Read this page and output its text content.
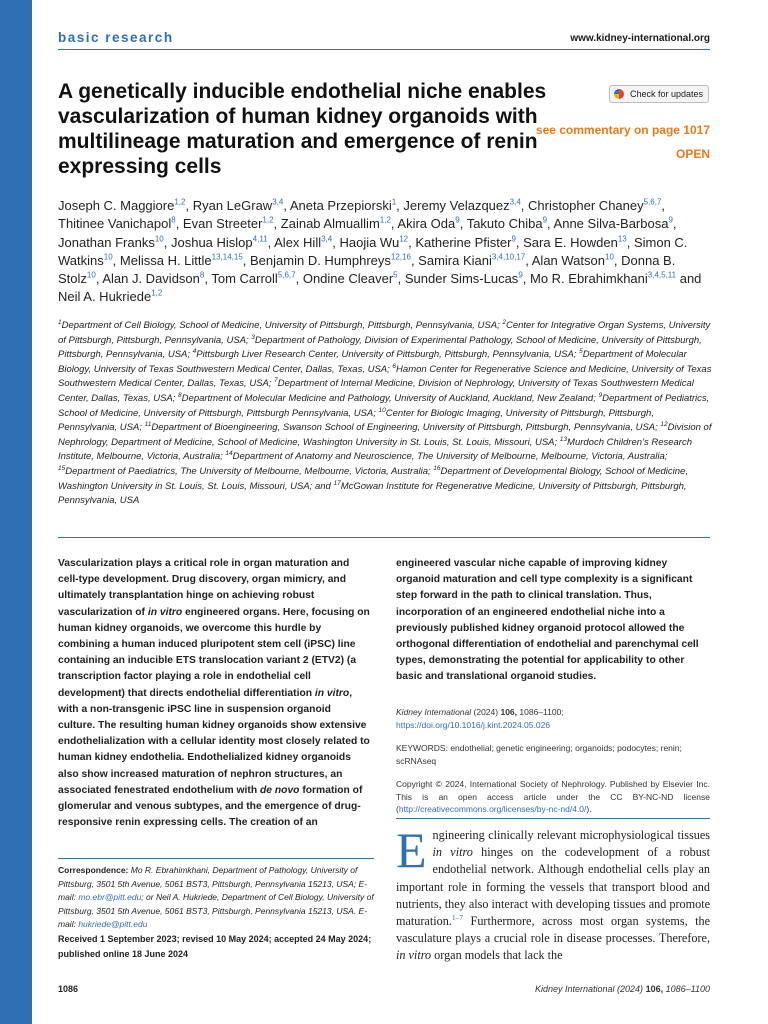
basic research	www.kidney-international.org
A genetically inducible endothelial niche enables vascularization of human kidney organoids with multilineage maturation and emergence of renin expressing cells
Check for updates
see commentary on page 1017
OPEN

Joseph C. Maggiore$^{1,2}$, Ryan LeGraw$^{3,4}$, Aneta Przepiorski$^1$, Jeremy Velazquez$^{3,4}$, Christopher Chaney$^{5,6,7}$, Thitinee Vanichapol$^8$, Evan Streeter$^{1,2}$, Zainab Almuallim$^{1,2}$, Akira Oda$^9$, Takuto Chiba$^9$, Anne Silva-Barbosa$^9$, Jonathan Franks$^{10}$, Joshua Hislop$^{4,11}$, Alex Hill$^{3,4}$, Haojia Wu$^{12}$, Katherine Pfister$^9$, Sara E. Howden$^{13}$, Simon C. Watkins$^{10}$, Melissa H. Little$^{13,14,15}$, Benjamin D. Humphreys$^{12,16}$, Samira Kiani$^{3,4,10,17}$, Alan Watson$^{10}$, Donna B. Stolz$^{10}$, Alan J. Davidson$^8$, Tom Carroll$^{5,6,7}$, Ondine Cleaver$^5$, Sunder Sims-Lucas$^9$, Mo R. Ebrahimkhani$^{3,4,5,11}$ and Neil A. Hukriede$^{1,2}$

$^1$Department of Cell Biology, School of Medicine, University of Pittsburgh, Pittsburgh, Pennsylvania, USA; $^2$Center for Integrative Organ Systems, University of Pittsburgh, Pittsburgh, Pennsylvania, USA; $^3$Department of Pathology, Division of Experimental Pathology, School of Medicine, University of Pittsburgh, Pittsburgh, Pennsylvania, USA; $^4$Pittsburgh Liver Research Center, University of Pittsburgh, Pittsburgh, Pennsylvania, USA; $^5$Department of Molecular Biology, University of Texas Southwestern Medical Center, Dallas, Texas, USA; $^6$Hamon Center for Regenerative Science and Medicine, University of Texas Southwestern Medical Center, Dallas, Texas, USA; $^7$Department of Internal Medicine, Division of Nephrology, University of Texas Southwestern Medical Center, Dallas, Texas, USA; $^8$Department of Molecular Medicine and Pathology, University of Auckland, Auckland, New Zealand; $^9$Department of Pediatrics, School of Medicine, University of Pittsburgh, Pittsburgh Pennsylvania, USA; $^{10}$Center for Biologic Imaging, University of Pittsburgh, Pittsburgh, Pennsylvania, USA; $^{11}$Department of Bioengineering, Swanson School of Engineering, University of Pittsburgh, Pittsburgh, Pennsylvania, USA; $^{12}$Division of Nephrology, Department of Medicine, School of Medicine, Washington University in St. Louis, St. Louis, Missouri, USA; $^{13}$Murdoch Children’s Research Institute, Melbourne, Victoria, Australia; $^{14}$Department of Anatomy and Neuroscience, The University of Melbourne, Melbourne, Victoria, Australia; $^{15}$Department of Paediatrics, The University of Melbourne, Melbourne, Victoria, Australia; $^{16}$Department of Developmental Biology, School of Medicine, Washington University in St. Louis, St. Louis, Missouri, USA; and $^{17}$McGowan Institute for Regenerative Medicine, University of Pittsburgh, Pittsburgh, Pennsylvania, USA

Vascularization plays a critical role in organ maturation and cell-type development. Drug discovery, organ mimicry, and ultimately transplantation hinge on achieving robust vascularization of in vitro engineered organs. Here, focusing on human kidney organoids, we overcome this hurdle by combining a human induced pluripotent stem cell (iPSC) line containing an inducible ETS translocation variant 2 (ETV2) (a transcription factor playing a role in endothelial cell development) that directs endothelial differentiation in vitro, with a non-transgenic iPSC line in suspension organoid culture. The resulting human kidney organoids show extensive endothelialization with a cellular identity most closely related to human kidney endothelia. Endothelialized kidney organoids also show increased maturation of nephron structures, an associated fenestrated endothelium with de novo formation of glomerular and venous subtypes, and the emergence of drug-responsive renin expressing cells. The creation of an

engineered vascular niche capable of improving kidney organoid maturation and cell type complexity is a significant step forward in the path to clinical translation. Thus, incorporation of an engineered endothelial niche into a previously published kidney organoid protocol allowed the orthogonal differentiation of endothelial and parenchymal cell types, demonstrating the potential for applicability to other basic and translational organoid studies.

Kidney International (2024) 106, 1086–1100; https://doi.org/10.1016/j.kint.2024.05.026

KEYWORDS: endothelial; genetic engineering; organoids; podocytes; renin; scRNAseq

Copyright © 2024, International Society of Nephrology. Published by Elsevier Inc. This is an open access article under the CC BY-NC-ND license (http://creativecommons.org/licenses/by-nc-nd/4.0/).

Correspondence: Mo R. Ebrahimkhani, Department of Pathology, University of Pittsburg, 3501 5th Avenue, 5061 BST3, Pittsburgh, Pennsylvania 15213, USA; E-mail: mo.ebr@pitt.edu; or Neil A. Hukriede, Department of Cell Biology, University of Pittsburg, 3501 5th Avenue, 5061 BST3, Pittsburgh, Pennsylvania 15213, USA. E-mail: hukriede@pitt.edu

Received 1 September 2023; revised 10 May 2024; accepted 24 May 2024; published online 18 June 2024

Engineering clinically relevant microphysiological tissues in vitro hinges on the codevelopment of a robust endothelial network. Although endothelial cells play an important role in forming the vessels that transport blood and nutrients, they also interact with developing tissues and promote maturation.$^{1-7}$ Furthermore, across most organ systems, the vasculature plays a crucial role in disease processes. Therefore, in vitro organ models that lack the

1086	Kidney International (2024) 106, 1086–1100
